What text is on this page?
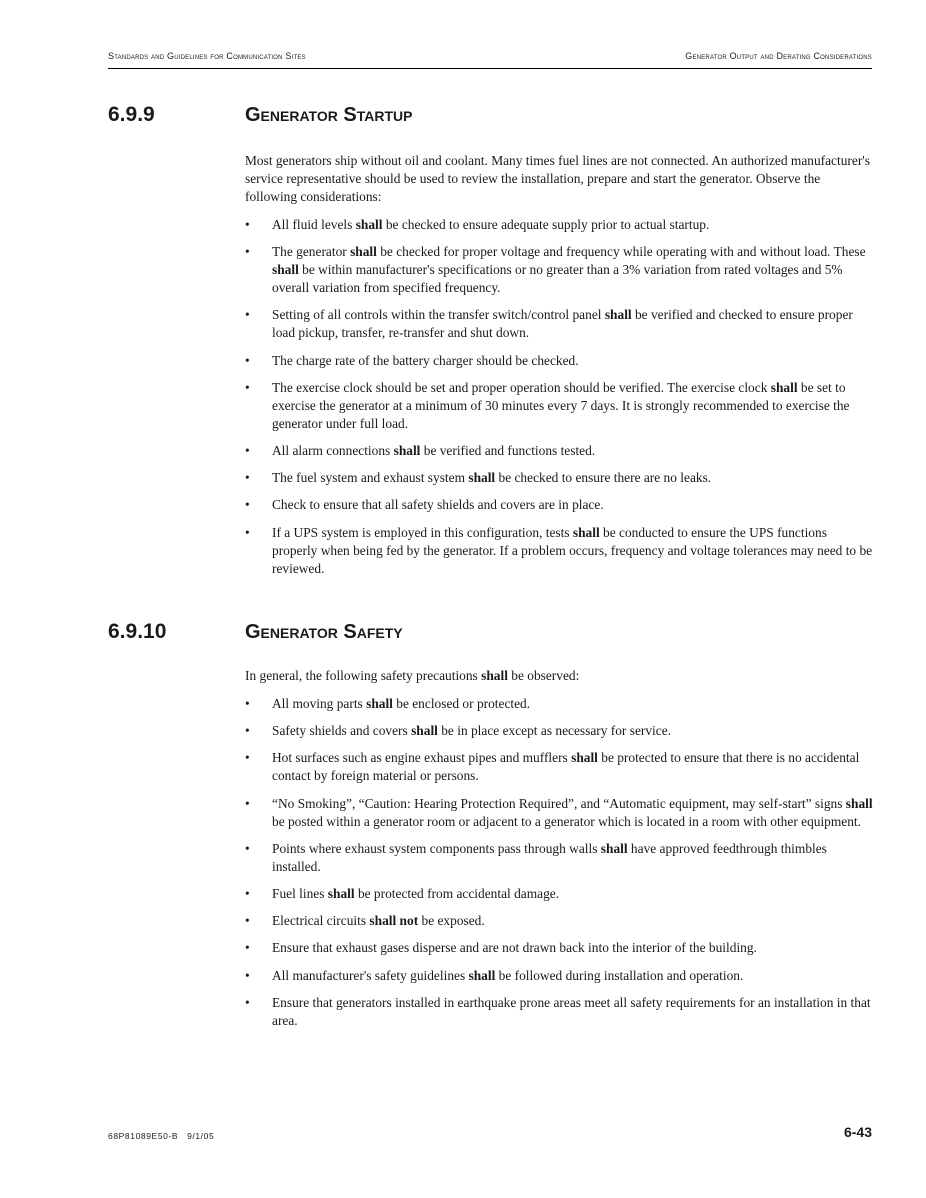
Standards and Guidelines for Communication Sites	Generator Output and Derating Considerations
6.9.9	Generator Startup

Most generators ship without oil and coolant. Many times fuel lines are not connected. An authorized manufacturer's service representative should be used to review the installation, prepare and start the generator. Observe the following considerations:

• All fluid levels shall be checked to ensure adequate supply prior to actual startup.
• The generator shall be checked for proper voltage and frequency while operating with and without load. These shall be within manufacturer's specifications or no greater than a 3% variation from rated voltages and 5% overall variation from specified frequency.
• Setting of all controls within the transfer switch/control panel shall be verified and checked to ensure proper load pickup, transfer, re-transfer and shut down.
• The charge rate of the battery charger should be checked.
• The exercise clock should be set and proper operation should be verified. The exercise clock shall be set to exercise the generator at a minimum of 30 minutes every 7 days. It is strongly recommended to exercise the generator under full load.
• All alarm connections shall be verified and functions tested.
• The fuel system and exhaust system shall be checked to ensure there are no leaks.
• Check to ensure that all safety shields and covers are in place.
• If a UPS system is employed in this configuration, tests shall be conducted to ensure the UPS functions properly when being fed by the generator. If a problem occurs, frequency and voltage tolerances may need to be reviewed.
6.9.10	Generator Safety

In general, the following safety precautions shall be observed:

• All moving parts shall be enclosed or protected.
• Safety shields and covers shall be in place except as necessary for service.
• Hot surfaces such as engine exhaust pipes and mufflers shall be protected to ensure that there is no accidental contact by foreign material or persons.
• “No Smoking”, “Caution: Hearing Protection Required”, and “Automatic equipment, may self-start” signs shall be posted within a generator room or adjacent to a generator which is located in a room with other equipment.
• Points where exhaust system components pass through walls shall have approved feedthrough thimbles installed.
• Fuel lines shall be protected from accidental damage.
• Electrical circuits shall not be exposed.
• Ensure that exhaust gases disperse and are not drawn back into the interior of the building.
• All manufacturer's safety guidelines shall be followed during installation and operation.
• Ensure that generators installed in earthquake prone areas meet all safety requirements for an installation in that area.
68P81089E50-B   9/1/05	6-43
